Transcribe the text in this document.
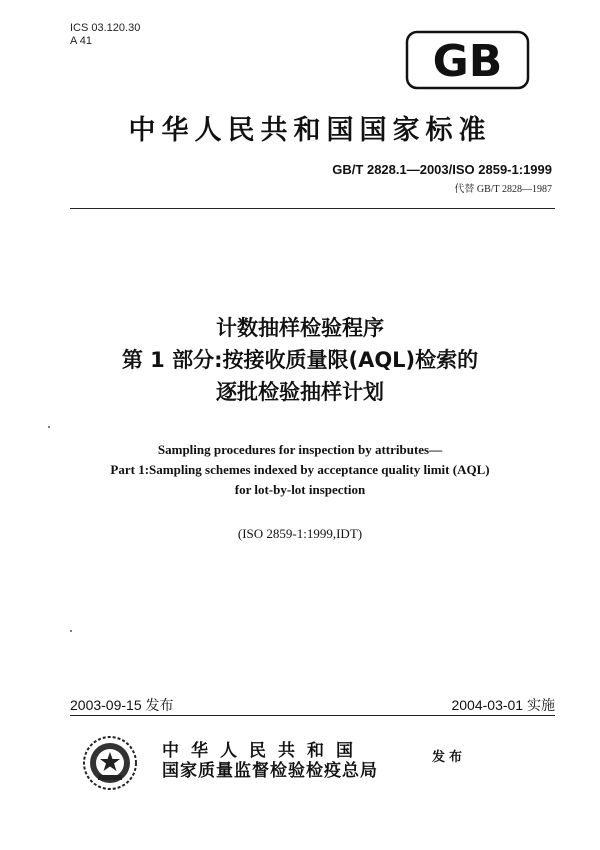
ICS 03.120.30
A 41	GB
中华人民共和国国家标准
GB/T 2828.1—2003/ISO 2859-1:1999
代替 GB/T 2828—1987
计数抽样检验程序
第 1 部分:按接收质量限(AQL)检索的
逐批检验抽样计划
Sampling procedures for inspection by attributes—
Part 1:Sampling schemes indexed by acceptance quality limit (AQL)
for lot-by-lot inspection
(ISO 2859-1:1999,IDT)
2003-09-15 发布	2004-03-01 实施
中华人民共和国
国家质量监督检验检疫总局
发布
